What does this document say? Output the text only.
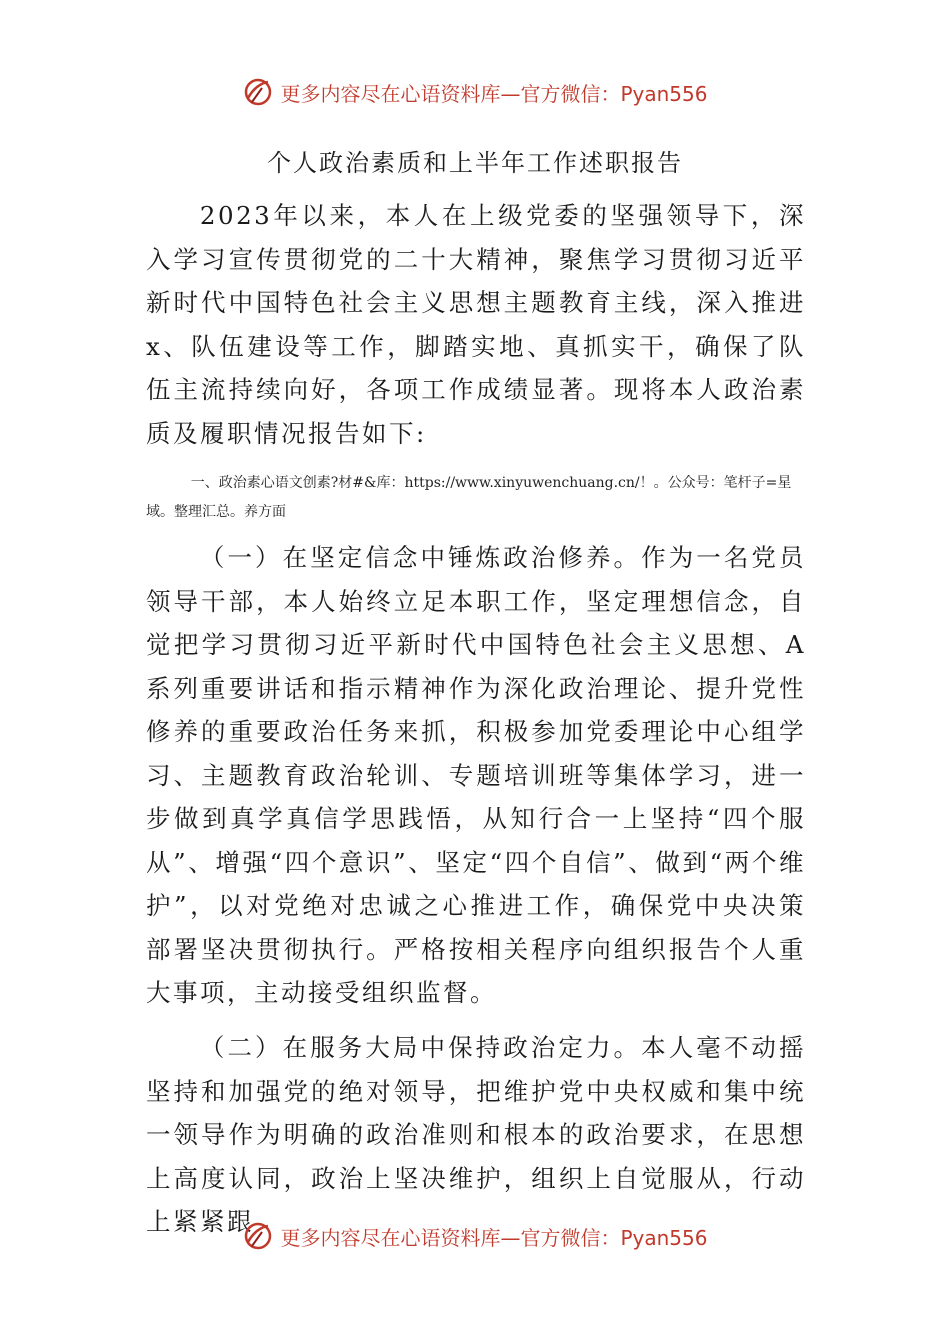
更多内容尽在心语资料库 —官方微信：Pyan556
个人政治素质和上半年工作述职报告

2023年以来，本人在上级党委的坚强领导下，深入学习宣传贯彻党的二十大精神，聚焦学习贯彻习近平新时代中国特色社会主义思想主题教育主线，深入推进x、队伍建设等工作，脚踏实地、真抓实干，确保了队伍主流持续向好，各项工作成绩显著。现将本人政治素质及履职情况报告如下:

一、政治素心语文创素?材#&库：https://www.xinyuwenchuang.cn/！。公众号：笔杆子=星域。整理汇总。养方面

（一）在坚定信念中锤炼政治修养。作为一名党员领导干部，本人始终立足本职工作，坚定理想信念，自觉把学习贯彻习近平新时代中国特色社会主义思想、A系列重要讲话和指示精神作为深化政治理论、提升党性修养的重要政治任务来抓，积极参加党委理论中心组学习、主题教育政治轮训、专题培训班等集体学习，进一步做到真学真信学思践悟，从知行合一上坚持“四个服从”、增强“四个意识”、坚定“四个自信”、做到“两个维护”，以对党绝对忠诚之心推进工作，确保党中央决策部署坚决贯彻执行。严格按相关程序向组织报告个人重大事项，主动接受组织监督。

（二）在服务大局中保持政治定力。本人毫不动摇坚持和加强党的绝对领导，把维护党中央权威和集中统一领导作为明确的政治准则和根本的政治要求，在思想上高度认同，政治上坚决维护，组织上自觉服从，行动上紧紧跟

更多内容尽在心语资料库 —官方微信：Pyan556
